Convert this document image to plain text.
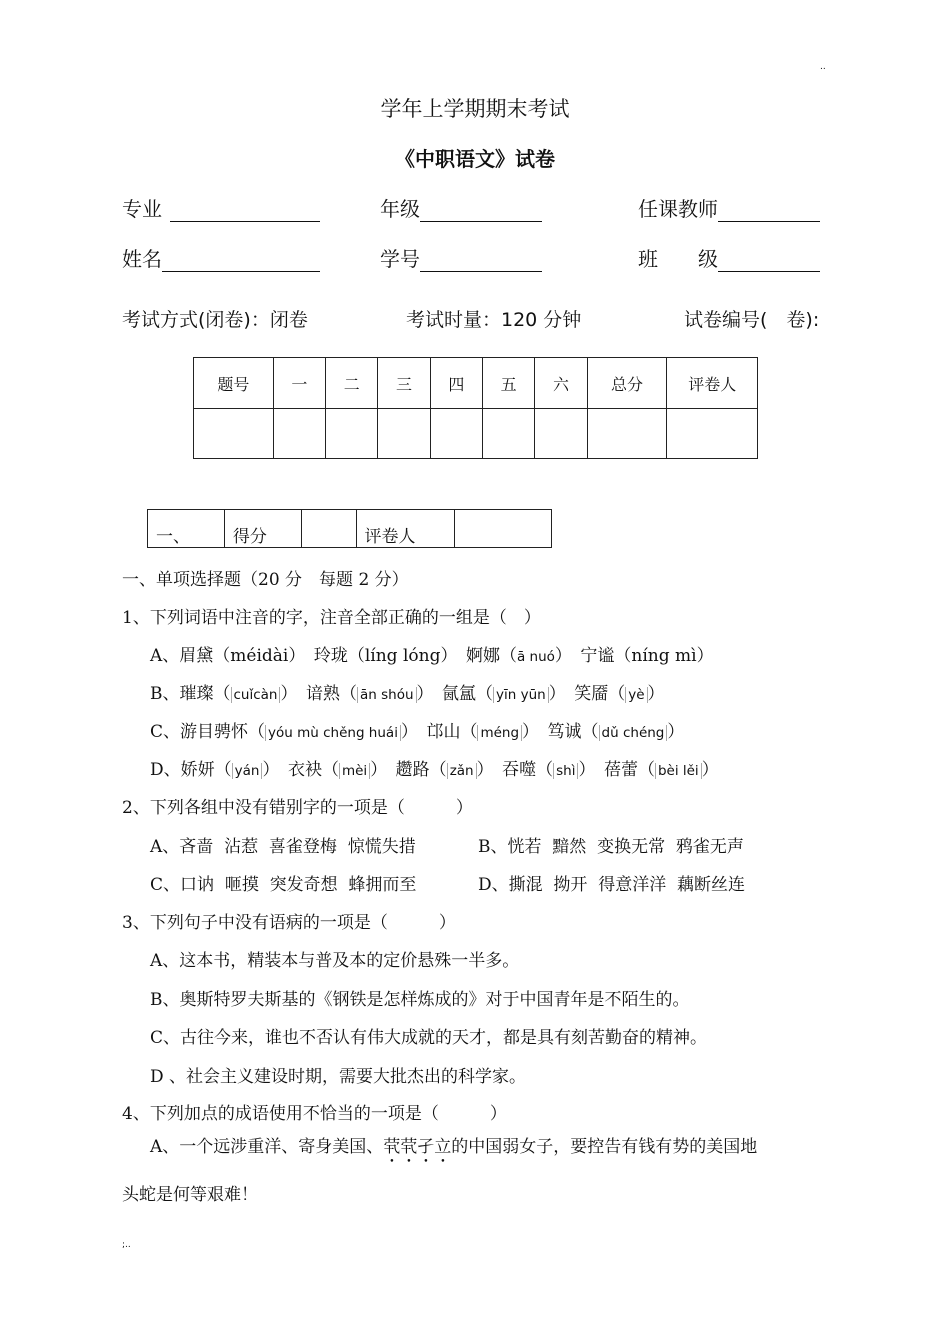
..
学年上学期期末考试
《中职语文》试卷
专业	年级	任课教师
姓名	学号	班　　级
考试方式(闭卷)：闭卷	考试时量：120 分钟	试卷编号(　卷):
题号	一	二	三	四	五	六	总分	评卷人

一、	得分		评卷人	
一、单项选择题（20 分　每题 2 分）
1、下列词语中注音的字，注音全部正确的一组是（　）
A、眉黛（méidài）　玲珑（líng lóng）　婀娜（ā nuó）　宁谧（níng mì）
B、璀璨（ cuǐcàn ）　谙熟（ ān shóu ）　氤氲（ yīn yūn ）　笑靥（ yè ）
C、游目骋怀（ yóu mù chěng huái ）　邙山（ méng ）　笃诚（ dǔ chéng ）
D、娇妍（ yán ）　衣袂（ mèi ）　趱路（ zǎn ）　吞噬（ shì ）　蓓蕾（ bèi lěi ）
2、下列各组中没有错别字的一项是（　　　）
A、吝啬  沾惹  喜雀登梅  惊慌失措	B、恍若  黯然  变换无常  鸦雀无声
C、口讷  咂摸  突发奇想  蜂拥而至	D、撕混  拗开  得意洋洋  藕断丝连
3、下列句子中没有语病的一项是（　　　）
A、这本书，精装本与普及本的定价悬殊一半多。
B、奥斯特罗夫斯基的《钢铁是怎样炼成的》对于中国青年是不陌生的。
C、古往今来，谁也不否认有伟大成就的天才，都是具有刻苦勤奋的精神。
D 、社会主义建设时期，需要大批杰出的科学家。
4、下列加点的成语使用不恰当的一项是（　　　）
A、一个远涉重洋、寄身美国、茕茕孑立的中国弱女子，要控告有钱有势的美国地
头蛇是何等艰难！
;..
